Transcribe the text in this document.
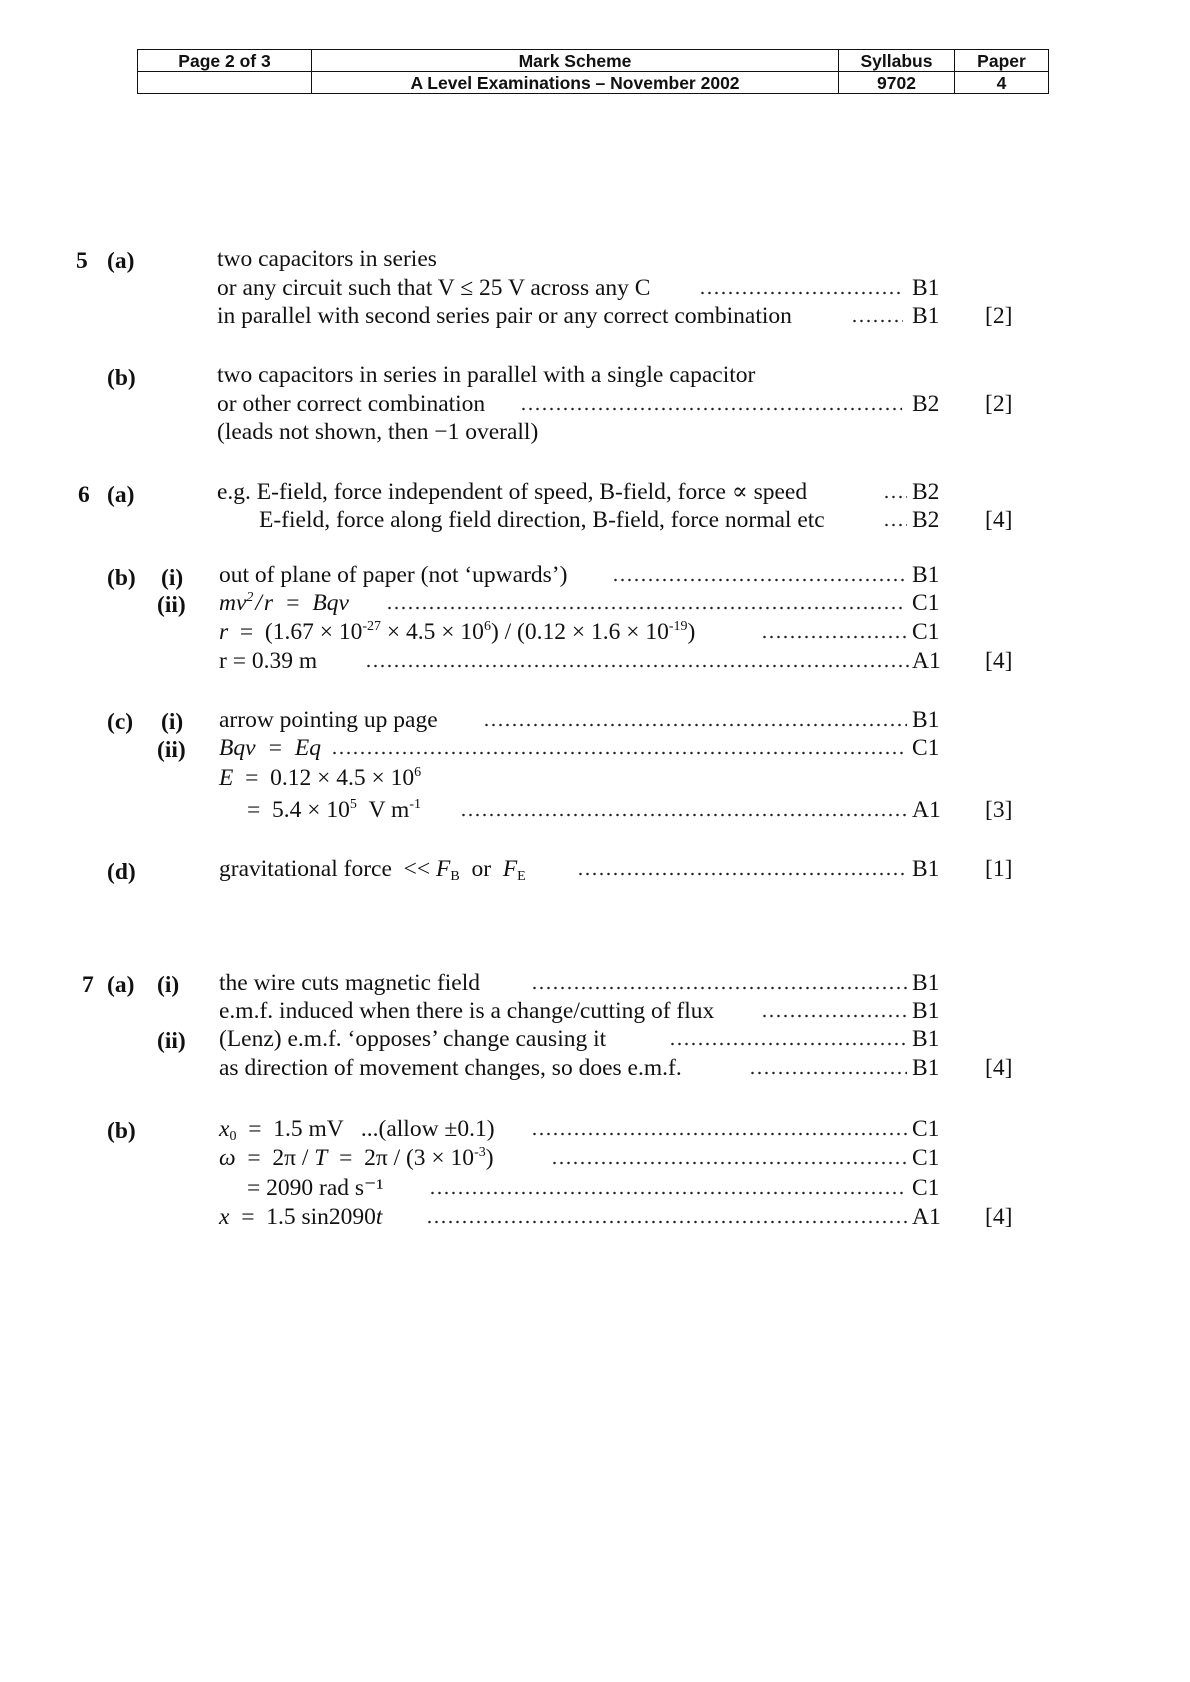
Page 2 of 3	Mark Scheme	Syllabus	Paper
	A Level Examinations – November 2002	9702	4
5 (a)	two capacitors in series
or any circuit such that V ≤ 25 V across any C	B1
in parallel with second series pair or any correct combination	B1 [2]
(b)	two capacitors in series in parallel with a single capacitor
or other correct combination	B2 [2]
(leads not shown, then −1 overall)
6 (a)	e.g. E-field, force independent of speed, B-field, force ∝ speed	B2
E-field, force along field direction, B-field, force normal etc	B2 [4]
(b) (i) out of plane of paper (not ‘upwards’)	B1
(ii) $mv^2$ / r  =  Bqv	C1
$r = (1.67 \times 10^{-27} \times 4.5 \times 10^6) / (0.12 \times 1.6 \times 10^{-19})$	C1
r = 0.39 m	A1 [4]
(c) (i) arrow pointing up page	B1
(ii) Bqv  =  Eq	C1
$E = 0.12 \times 4.5 \times 10^6$
=  $5.4 \times 10^5$  V $m^{-1}$	A1 [3]
(d)	gravitational force  << $F_B$  or  $F_E$	B1 [1]
7 (a) (i) the wire cuts magnetic field	B1
e.m.f. induced when there is a change/cutting of flux	B1
(ii) (Lenz) e.m.f. ‘opposes’ change causing it	B1
as direction of movement changes, so does e.m.f.	B1 [4]
(b)	$x_0 = 1.5$ mV   ...(allow ±0.1)	C1
$\omega = 2\pi / T = 2\pi / (3 \times 10^{-3})$	C1
= 2090 rad s⁻¹	C1
x  =  1.5 sin2090t	A1 [4]
